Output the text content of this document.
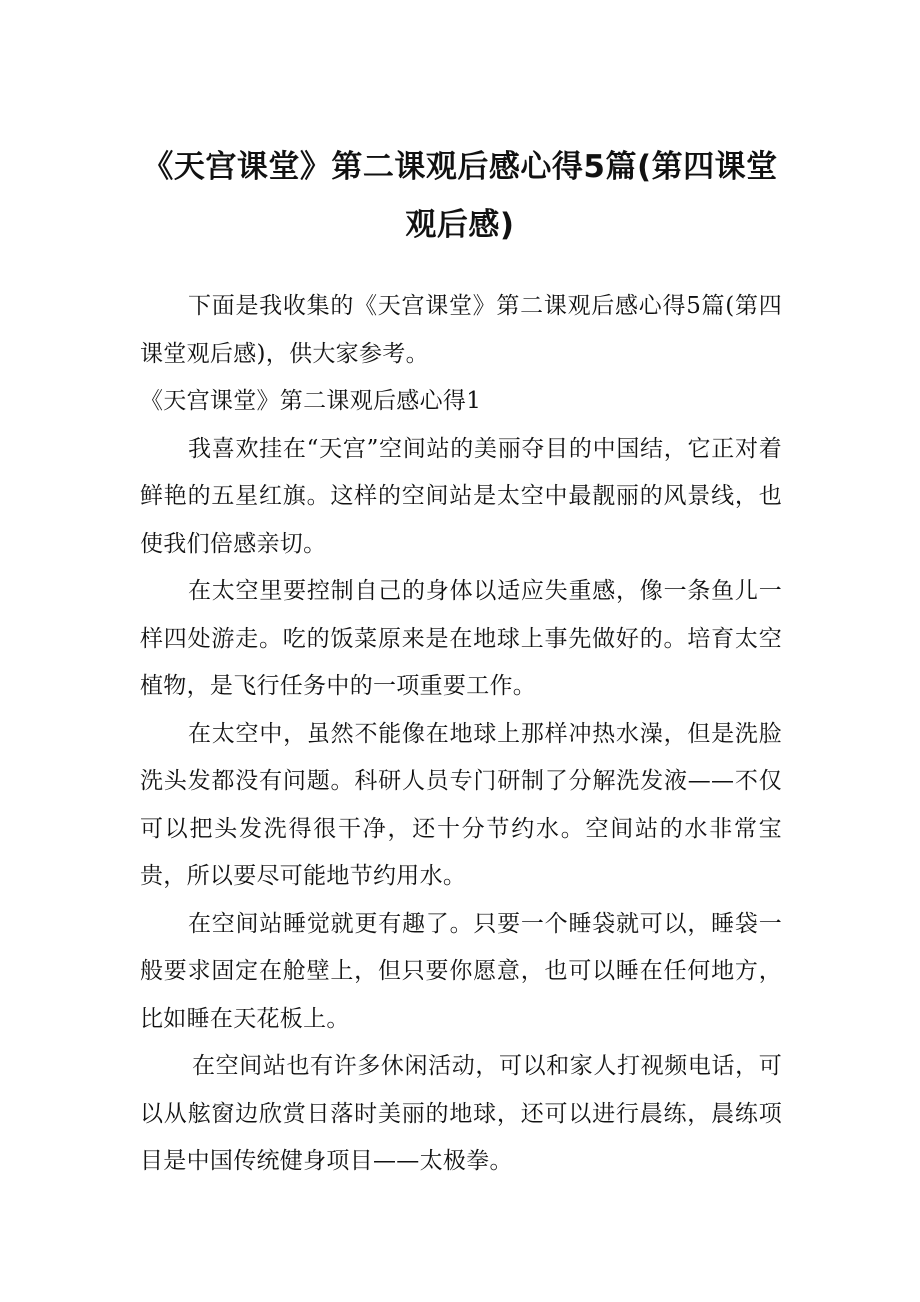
《天宫课堂》第二课观后感心得5篇(第四课堂观后感)

下面是我收集的《天宫课堂》第二课观后感心得5篇(第四课堂观后感)，供大家参考。

《天宫课堂》第二课观后感心得1

我喜欢挂在“天宫”空间站的美丽夺目的中国结，它正对着鲜艳的五星红旗。这样的空间站是太空中最靓丽的风景线，也使我们倍感亲切。

在太空里要控制自己的身体以适应失重感，像一条鱼儿一样四处游走。吃的饭菜原来是在地球上事先做好的。培育太空植物，是飞行任务中的一项重要工作。

在太空中，虽然不能像在地球上那样冲热水澡，但是洗脸洗头发都没有问题。科研人员专门研制了分解洗发液——不仅可以把头发洗得很干净，还十分节约水。空间站的水非常宝贵，所以要尽可能地节约用水。

在空间站睡觉就更有趣了。只要一个睡袋就可以，睡袋一般要求固定在舱壁上，但只要你愿意，也可以睡在任何地方，比如睡在天花板上。

在空间站也有许多休闲活动，可以和家人打视频电话，可以从舷窗边欣赏日落时美丽的地球，还可以进行晨练，晨练项目是中国传统健身项目——太极拳。
